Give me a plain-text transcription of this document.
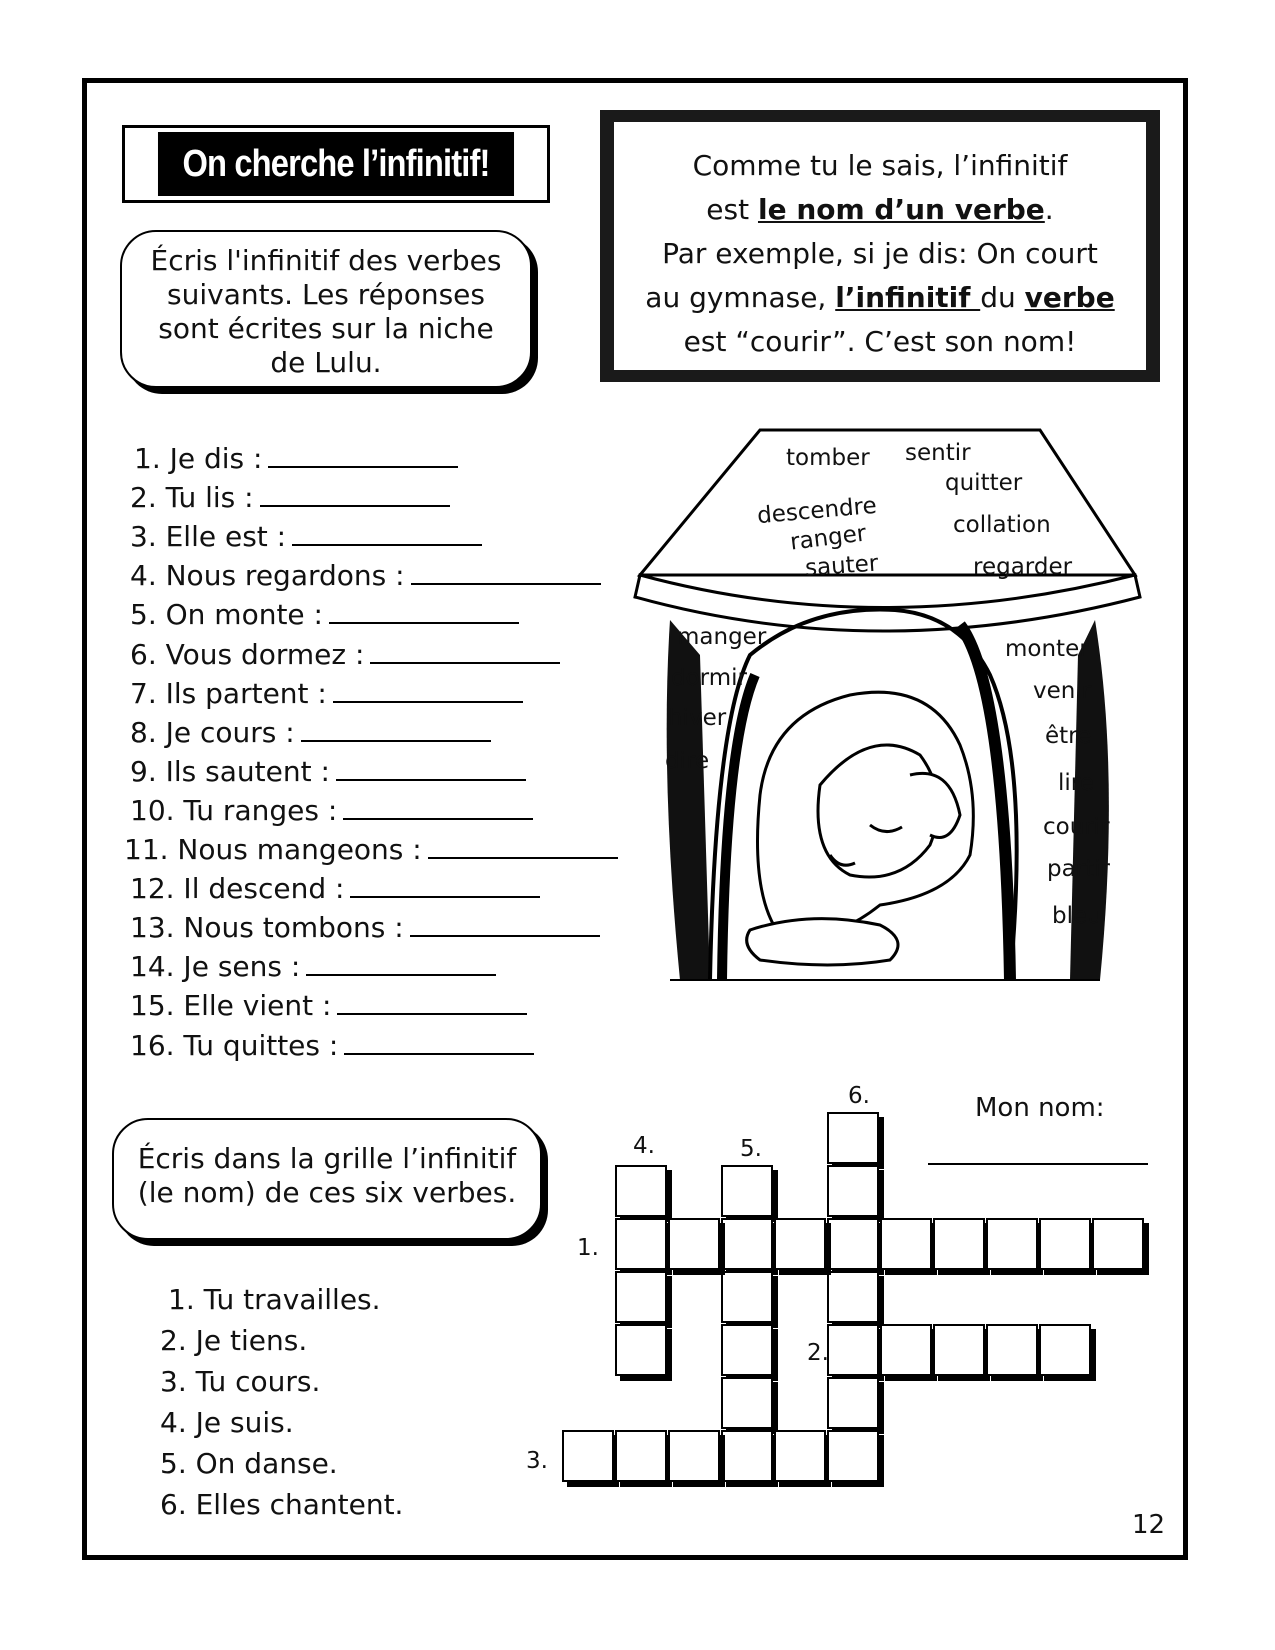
On cherche l’infinitif!

Écris l'infinitif des verbes

suivants. Les réponses

sont écrites sur la niche

de Lulu.

Comme tu le sais, l’infinitif
est le nom d’un verbe.
Par exemple, si je dis: On court
au gymnase, l’infinitif du verbe
est “courir”. C’est son nom!
1. Je dis :
2. Tu lis :
3. Elle est :
4. Nous regardons :
5. On monte :
6. Vous dormez :
7. Ils partent :
8. Je cours :
9. Ils sautent :
10. Tu ranges :
11. Nous mangeons :
12. Il descend :
13. Nous tombons :
14. Je sens :
15. Elle vient :
16. Tu quittes :
tomber sentir
quitter
descendre
ranger
sauter
collation
regarder
manger
dormir
hiver
dire
monter
venir
être
lire
courir
partir
bleu

Écris dans la grille l’infinitif

(le nom) de ces six verbes.

1. Tu travailles.
2. Je tiens.
3. Tu cours.
4. Je suis.
5. On danse.
6. Elles chantent.
1.
2.
3.
4.	5.
6.	Mon nom:
12
